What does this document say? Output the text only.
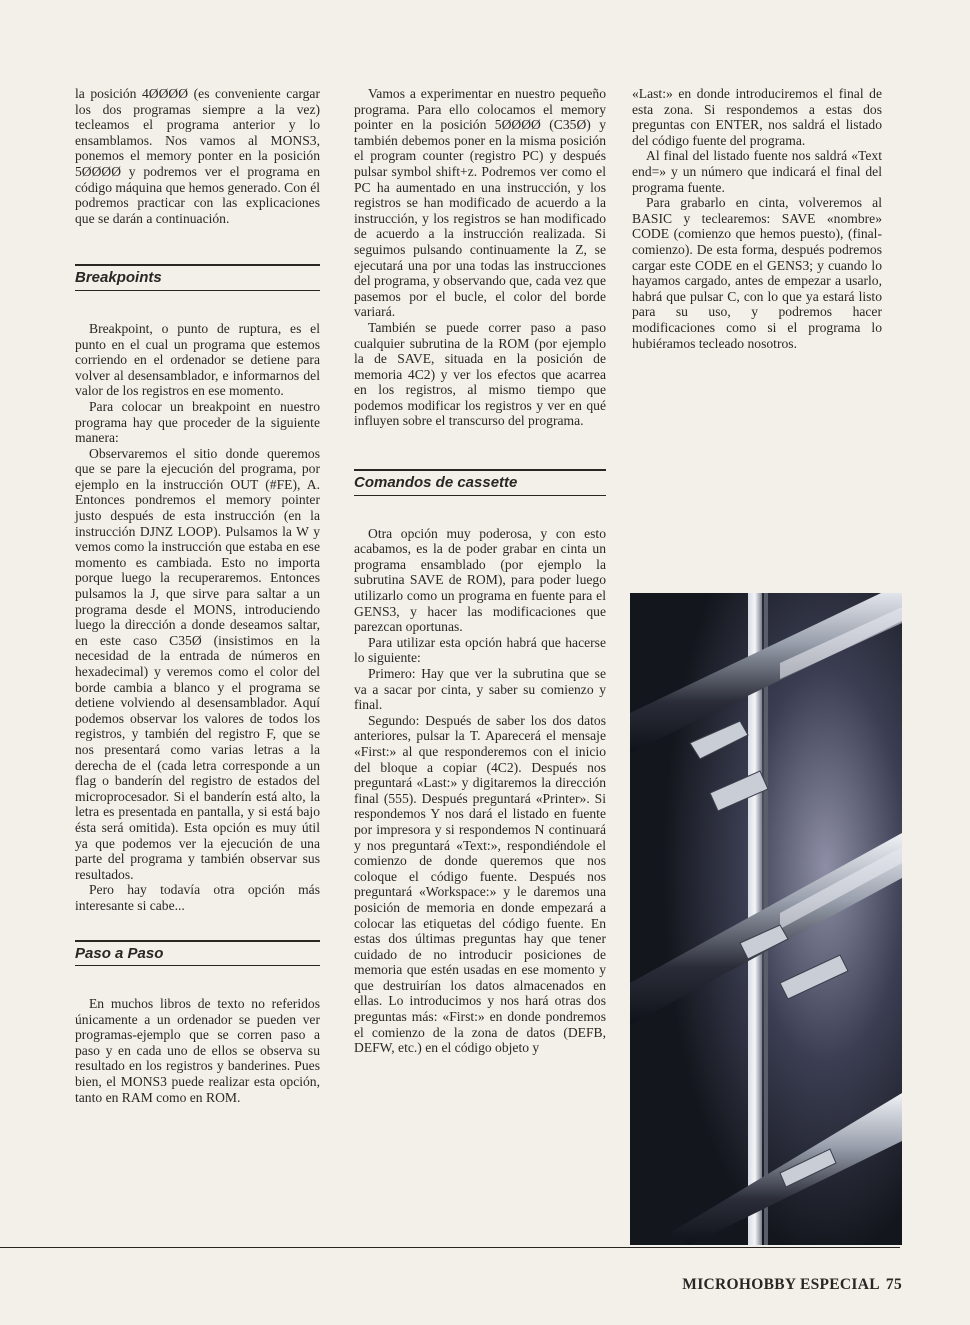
la posición 4ØØØØ (es conveniente cargar los dos programas siempre a la vez) tecleamos el programa anterior y lo ensamblamos. Nos vamos al MONS3, ponemos el memory ponter en la posición 5ØØØØ y podremos ver el programa en código máquina que hemos generado. Con él podremos practicar con las explicaciones que se darán a continuación.

Breakpoints

Breakpoint, o punto de ruptura, es el punto en el cual un programa que estemos corriendo en el ordenador se detiene para volver al desensamblador, e informarnos del valor de los registros en ese momento.

Para colocar un breakpoint en nuestro programa hay que proceder de la siguiente manera:

Observaremos el sitio donde queremos que se pare la ejecución del programa, por ejemplo en la instrucción OUT (#FE), A. Entonces pondremos el memory pointer justo después de esta instrucción (en la instrucción DJNZ LOOP). Pulsamos la W y vemos como la instrucción que estaba en ese momento es cambiada. Esto no importa porque luego la recuperaremos. Entonces pulsamos la J, que sirve para saltar a un programa desde el MONS, introduciendo luego la dirección a donde deseamos saltar, en este caso C35Ø (insistimos en la necesidad de la entrada de números en hexadecimal) y veremos como el color del borde cambia a blanco y el programa se detiene volviendo al desensamblador. Aquí podemos observar los valores de todos los registros, y también del registro F, que se nos presentará como varias letras a la derecha de el (cada letra corresponde a un flag o banderín del registro de estados del microprocesador. Si el banderín está alto, la letra es presentada en pantalla, y si está bajo ésta será omitida). Esta opción es muy útil ya que podemos ver la ejecución de una parte del programa y también observar sus resultados.

Pero hay todavía otra opción más interesante si cabe...

Paso a Paso

En muchos libros de texto no referidos únicamente a un ordenador se pueden ver programas-ejemplo que se corren paso a paso y en cada uno de ellos se observa su resultado en los registros y banderines. Pues bien, el MONS3 puede realizar esta opción, tanto en RAM como en ROM.

Vamos a experimentar en nuestro pequeño programa. Para ello colocamos el memory pointer en la posición 5ØØØØ (C35Ø) y también debemos poner en la misma posición el program counter (registro PC) y después pulsar symbol shift+z. Podremos ver como el PC ha aumentado en una instrucción, y los registros se han modificado de acuerdo a la instrucción, y los registros se han modificado de acuerdo a la instrucción realizada. Si seguimos pulsando continuamente la Z, se ejecutará una por una todas las instrucciones del programa, y observando que, cada vez que pasemos por el bucle, el color del borde variará.

También se puede correr paso a paso cualquier subrutina de la ROM (por ejemplo la de SAVE, situada en la posición de memoria 4C2) y ver los efectos que acarrea en los registros, al mismo tiempo que podemos modificar los registros y ver en qué influyen sobre el transcurso del programa.

Comandos de cassette

Otra opción muy poderosa, y con esto acabamos, es la de poder grabar en cinta un programa ensamblado (por ejemplo la subrutina SAVE de ROM), para poder luego utilizarlo como un programa en fuente para el GENS3, y hacer las modificaciones que parezcan oportunas.

Para utilizar esta opción habrá que hacerse lo siguiente:

Primero: Hay que ver la subrutina que se va a sacar por cinta, y saber su comienzo y final.

Segundo: Después de saber los dos datos anteriores, pulsar la T. Aparecerá el mensaje «First:» al que responderemos con el inicio del bloque a copiar (4C2). Después nos preguntará «Last:» y digitaremos la dirección final (555). Después preguntará «Printer». Si respondemos Y nos dará el listado en fuente por impresora y si respondemos N continuará y nos preguntará «Text:», respondiéndole el comienzo de donde queremos que nos coloque el código fuente. Después nos preguntará «Workspace:» y le daremos una posición de memoria en donde empezará a colocar las etiquetas del código fuente. En estas dos últimas preguntas hay que tener cuidado de no introducir posiciones de memoria que estén usadas en ese momento y que destruirían los datos almacenados en ellas. Lo introducimos y nos hará otras dos preguntas más: «First:» en donde pondremos el comienzo de la zona de datos (DEFB, DEFW, etc.) en el código objeto y

«Last:» en donde introduciremos el final de esta zona. Si respondemos a estas dos preguntas con ENTER, nos saldrá el listado del código fuente del programa.

Al final del listado fuente nos saldrá «Text end=» y un número que indicará el final del programa fuente.

Para grabarlo en cinta, volveremos al BASIC y teclearemos: SAVE «nombre» CODE (comienzo que hemos puesto), (final-comienzo). De esta forma, después podremos cargar este CODE en el GENS3; y cuando lo hayamos cargado, antes de empezar a usarlo, habrá que pulsar C, con lo que ya estará listo para su uso, y podremos hacer modificaciones como si el programa lo hubiéramos tecleado nosotros.

MICROHOBBY ESPECIAL 75
